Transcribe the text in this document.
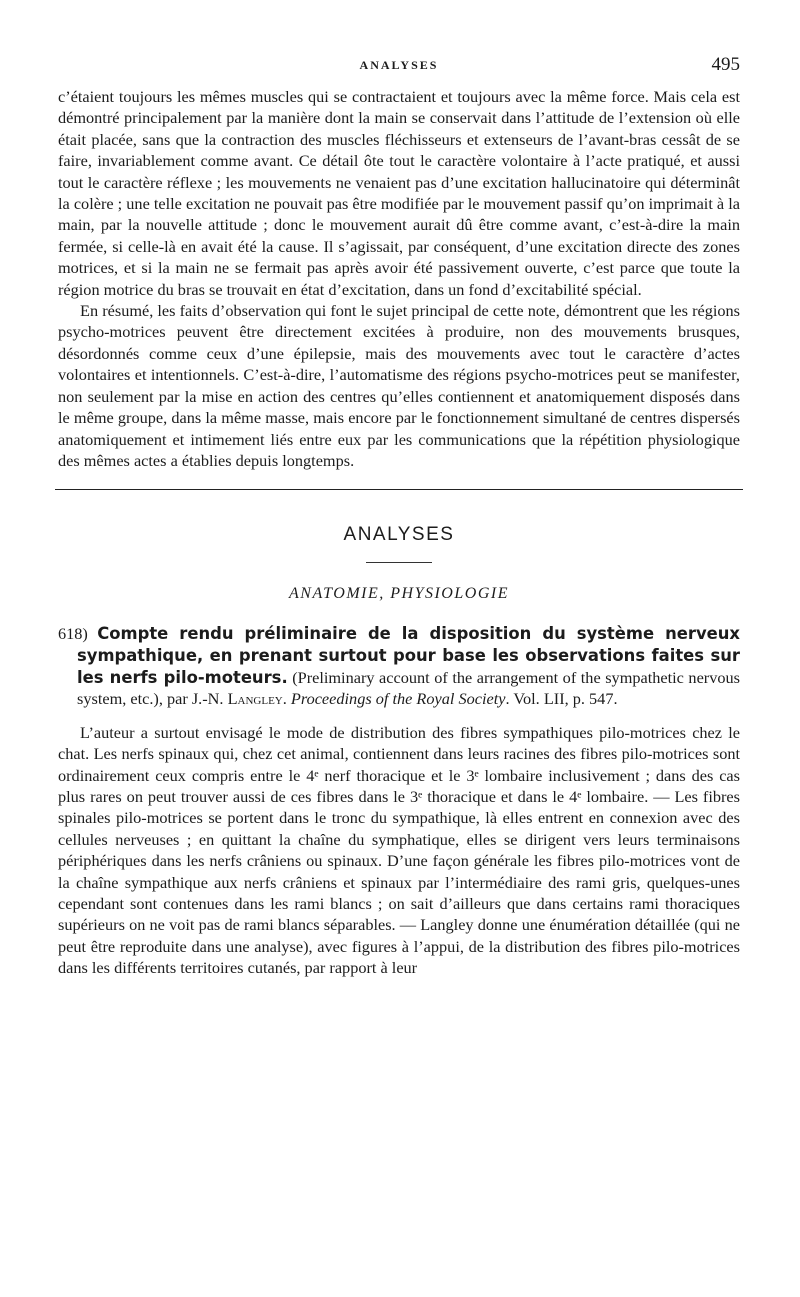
ANALYSES	495

c’étaient toujours les mêmes muscles qui se contractaient et toujours avec la même force. Mais cela est démontré principalement par la manière dont la main se conservait dans l’attitude de l’extension où elle était placée, sans que la contraction des muscles fléchisseurs et extenseurs de l’avant-bras cessât de se faire, invariablement comme avant. Ce détail ôte tout le caractère volontaire à l’acte pratiqué, et aussi tout le caractère réflexe ; les mouvements ne venaient pas d’une excitation hallucinatoire qui déterminât la colère ; une telle excitation ne pouvait pas être modifiée par le mouvement passif qu’on imprimait à la main, par la nouvelle attitude ; donc le mouvement aurait dû être comme avant, c’est-à-dire la main fermée, si celle-là en avait été la cause. Il s’agissait, par conséquent, d’une excitation directe des zones motrices, et si la main ne se fermait pas après avoir été passivement ouverte, c’est parce que toute la région motrice du bras se trouvait en état d’excitation, dans un fond d’excitabilité spécial.

En résumé, les faits d’observation qui font le sujet principal de cette note, démontrent que les régions psycho-motrices peuvent être directement excitées à produire, non des mouvements brusques, désordonnés comme ceux d’une épilepsie, mais des mouvements avec tout le caractère d’actes volontaires et intentionnels. C’est-à-dire, l’automatisme des régions psycho-motrices peut se manifester, non seulement par la mise en action des centres qu’elles contiennent et anatomiquement disposés dans le même groupe, dans la même masse, mais encore par le fonctionnement simultané de centres dispersés anatomiquement et intimement liés entre eux par les communications que la répétition physiologique des mêmes actes a établies depuis longtemps.

ANALYSES
ANATOMIE, PHYSIOLOGIE
618) Compte rendu préliminaire de la disposition du système nerveux sympathique, en prenant surtout pour base les observations faites sur les nerfs pilo-moteurs. (Preliminary account of the arrangement of the sympathetic nervous system, etc.), par J.-N. Langley. Proceedings of the Royal Society. Vol. LII, p. 547.

L’auteur a surtout envisagé le mode de distribution des fibres sympathiques pilo-motrices chez le chat. Les nerfs spinaux qui, chez cet animal, contiennent dans leurs racines des fibres pilo-motrices sont ordinairement ceux compris entre le 4ᵉ nerf thoracique et le 3ᵉ lombaire inclusivement ; dans des cas plus rares on peut trouver aussi de ces fibres dans le 3ᵉ thoracique et dans le 4ᵉ lombaire. — Les fibres spinales pilo-motrices se portent dans le tronc du sympathique, là elles entrent en connexion avec des cellules nerveuses ; en quittant la chaîne du symphatique, elles se dirigent vers leurs terminaisons périphériques dans les nerfs crâniens ou spinaux. D’une façon générale les fibres pilo-motrices vont de la chaîne sympathique aux nerfs crâniens et spinaux par l’intermédiaire des rami gris, quelques-unes cependant sont contenues dans les rami blancs ; on sait d’ailleurs que dans certains rami thoraciques supérieurs on ne voit pas de rami blancs séparables. — Langley donne une énumération détaillée (qui ne peut être reproduite dans une analyse), avec figures à l’appui, de la distribution des fibres pilo-motrices dans les différents territoires cutanés, par rapport à leur
